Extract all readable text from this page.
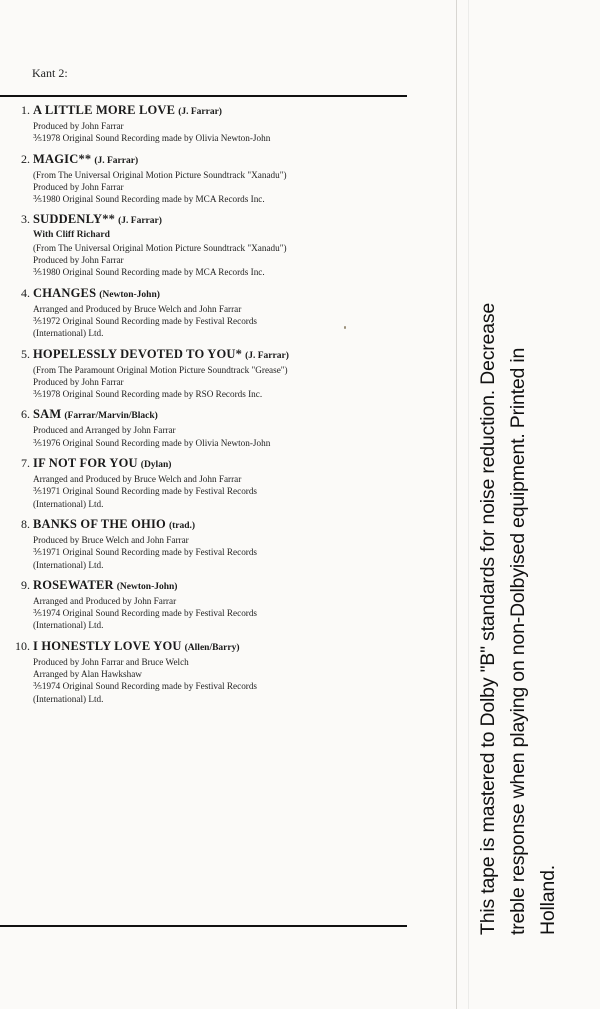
Kant 2:
1. A LITTLE MORE LOVE (J. Farrar)
Produced by John Farrar
⅗1978 Original Sound Recording made by Olivia Newton-John
2. MAGIC** (J. Farrar)
(From The Universal Original Motion Picture Soundtrack "Xanadu")
Produced by John Farrar
⅗1980 Original Sound Recording made by MCA Records Inc.
3. SUDDENLY** (J. Farrar)
With Cliff Richard
(From The Universal Original Motion Picture Soundtrack "Xanadu")
Produced by John Farrar
⅗1980 Original Sound Recording made by MCA Records Inc.
4. CHANGES (Newton-John)
Arranged and Produced by Bruce Welch and John Farrar
⅗1972 Original Sound Recording made by Festival Records
(International) Ltd.
5. HOPELESSLY DEVOTED TO YOU* (J. Farrar)
(From The Paramount Original Motion Picture Soundtrack "Grease")
Produced by John Farrar
⅗1978 Original Sound Recording made by RSO Records Inc.
6. SAM (Farrar/Marvin/Black)
Produced and Arranged by John Farrar
⅗1976 Original Sound Recording made by Olivia Newton-John
7. IF NOT FOR YOU (Dylan)
Arranged and Produced by Bruce Welch and John Farrar
⅗1971 Original Sound Recording made by Festival Records
(International) Ltd.
8. BANKS OF THE OHIO (trad.)
Produced by Bruce Welch and John Farrar
⅗1971 Original Sound Recording made by Festival Records
(International) Ltd.
9. ROSEWATER (Newton-John)
Arranged and Produced by John Farrar
⅗1974 Original Sound Recording made by Festival Records
(International) Ltd.
10. I HONESTLY LOVE YOU (Allen/Barry)
Produced by John Farrar and Bruce Welch
Arranged by Alan Hawkshaw
⅗1974 Original Sound Recording made by Festival Records
(International) Ltd.	This tape is mastered to Dolby "B" standards for noise reduction. Decrease treble response when playing on non-Dolbyised equipment. Printed in Holland.
